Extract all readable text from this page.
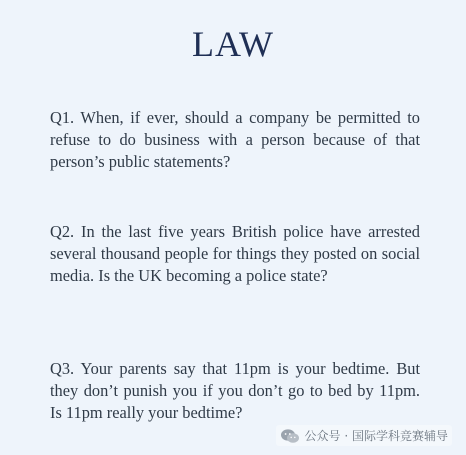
LAW
Q1. When, if ever, should a company be permitted to refuse to do business with a person because of that person’s public statements?
Q2. In the last five years British police have arrested several thousand people for things they posted on social media. Is the UK becoming a police state?
Q3. Your parents say that 11pm is your bedtime. But they don’t punish you if you don’t go to bed by 11pm. Is 11pm really your bedtime?
公众号 · 国际学科竞赛辅导
